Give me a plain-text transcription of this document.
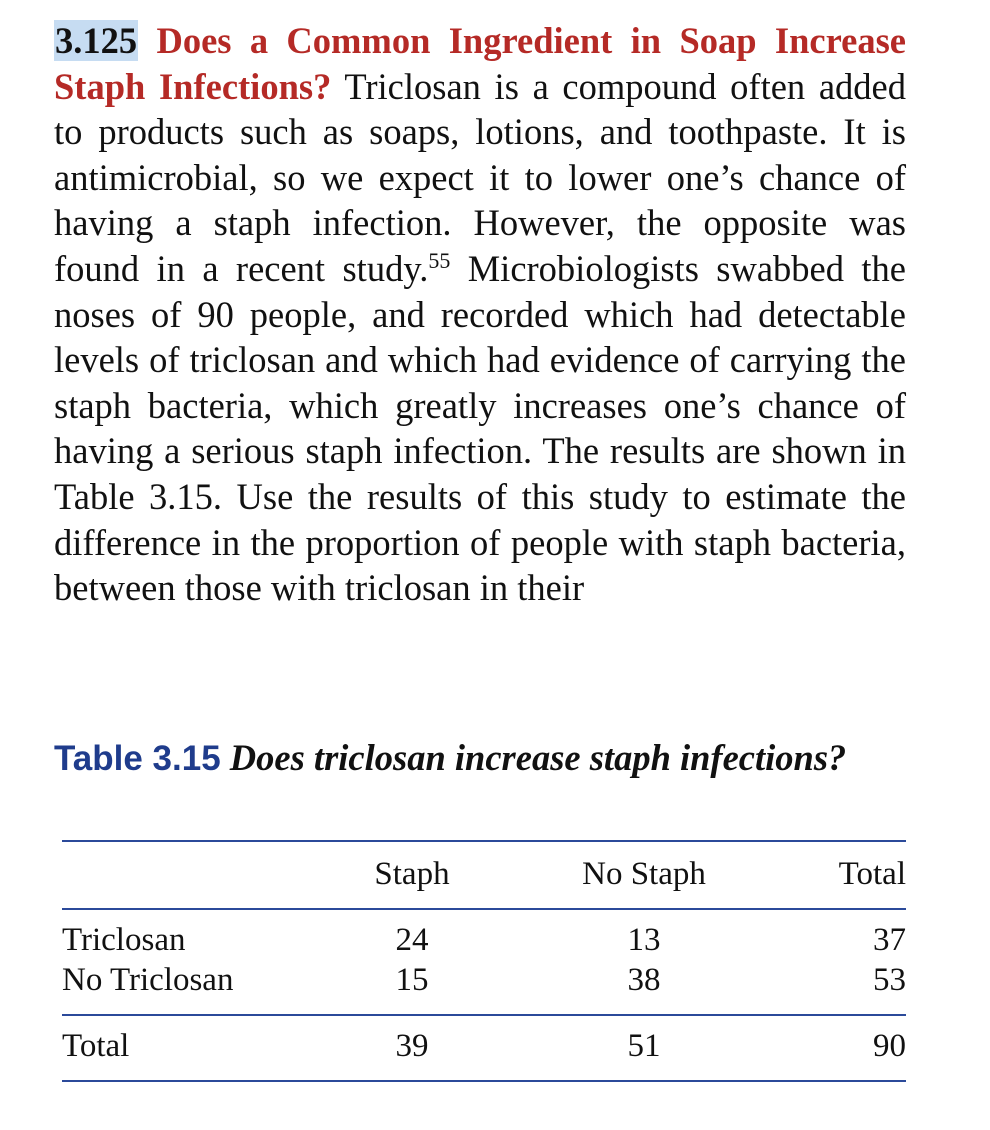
3.125 Does a Common Ingredient in Soap Increase Staph Infections? Triclosan is a compound often added to products such as soaps, lotions, and toothpaste. It is antimicrobial, so we expect it to lower one’s chance of having a staph infection. However, the opposite was found in a recent study.$^{55}$ Microbiologists swabbed the noses of 90 people, and recorded which had detectable levels of triclosan and which had evidence of carrying the staph bacteria, which greatly increases one’s chance of having a serious staph infection. The results are shown in Table 3.15. Use the results of this study to estimate the difference in the proportion of people with staph bacteria, between those with triclosan in their

Table 3.15 Does triclosan increase staph infections?

Staph	No Staph	Total
Triclosan	24	13	37
No Triclosan	15	38	53
Total	39	51	90
